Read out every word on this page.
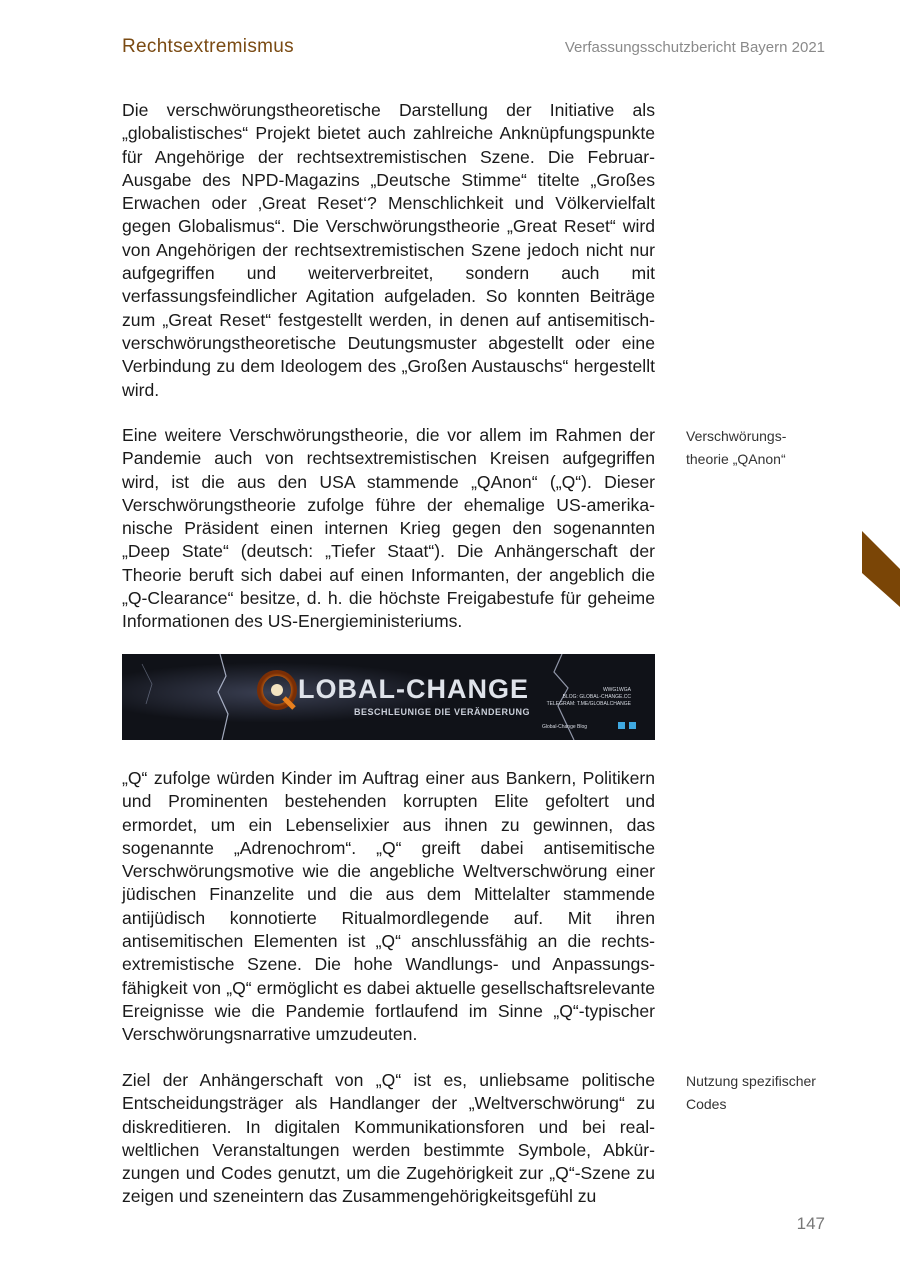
Rechtsextremismus	Verfassungsschutzbericht Bayern 2021

Die verschwörungstheoretische Darstellung der Initiative als „globalistisches“ Projekt bietet auch zahlreiche Anknüpfungspunkte für Angehörige der rechtsextremistischen Szene. Die Februar-Ausgabe des NPD-Magazins „Deutsche Stimme“ titelte „Großes Erwachen oder ‚Great Reset‘? Menschlichkeit und Völkervielfalt gegen Globalismus“. Die Verschwörungstheorie „Great Reset“ wird von Angehörigen der rechtsextremistischen Szene jedoch nicht nur aufgegriffen und weiterverbreitet, sondern auch mit verfassungsfeindlicher Agitation aufgeladen. So konnten Beiträge zum „Great Reset“ festgestellt werden, in denen auf antisemitisch-verschwörungstheoretische Deutungsmuster abgestellt oder eine Verbindung zu dem Ideologem des „Großen Austauschs“ hergestellt wird.

Eine weitere Verschwörungstheorie, die vor allem im Rahmen der Pandemie auch von rechtsextremistischen Kreisen aufgegriffen wird, ist die aus den USA stammende „QAnon“ („Q“). Dieser Verschwörungstheorie zufolge führe der ehemalige US-amerikanische Präsident einen internen Krieg gegen den sogenannten „Deep State“ (deutsch: „Tiefer Staat“). Die Anhängerschaft der Theorie beruft sich dabei auf einen Informanten, der angeblich die „Q-Clearance“ besitze, d. h. die höchste Freigabestufe für geheime Informationen des US-Energieministeriums.

Verschwörungs-
theorie „QAnon“
LOBAL-CHANGE
BESCHLEUNIGE DIE VERÄNDERUNG
WWG1WGA
BLOG: GLOBAL-CHANGE.CC
TELEGRAM: T.ME/GLOBALCHANGE
Global-Change Blog

„Q“ zufolge würden Kinder im Auftrag einer aus Bankern, Politikern und Prominenten bestehenden korrupten Elite gefoltert und ermordet, um ein Lebenselixier aus ihnen zu gewinnen, das sogenannte „Adrenochrom“. „Q“ greift dabei antisemitische Verschwörungsmotive wie die angebliche Weltverschwörung einer jüdischen Finanzelite und die aus dem Mittelalter stammende antijüdisch konnotierte Ritualmordlegende auf. Mit ihren antisemitischen Elementen ist „Q“ anschlussfähig an die rechtsextremistische Szene. Die hohe Wandlungs- und Anpassungsfähigkeit von „Q“ ermöglicht es dabei aktuelle gesellschaftsrelevante Ereignisse wie die Pandemie fortlaufend im Sinne „Q“-typischer Verschwörungsnarrative umzudeuten.

Ziel der Anhängerschaft von „Q“ ist es, unliebsame politische Entscheidungsträger als Handlanger der „Weltverschwörung“ zu diskreditieren. In digitalen Kommunikationsforen und bei realweltlichen Veranstaltungen werden bestimmte Symbole, Abkürzungen und Codes genutzt, um die Zugehörigkeit zur „Q“-Szene zu zeigen und szeneintern das Zusammengehörigkeitsgefühl zu

Nutzung spezifischer
Codes
147
